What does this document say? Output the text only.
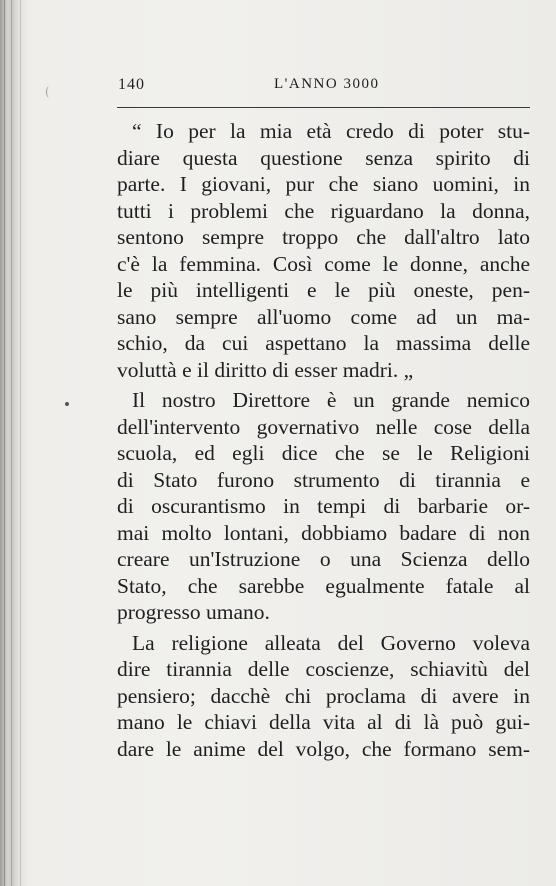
140	L'ANNO 3000
“ Io per la mia età credo di poter stu-
diare questa questione senza spirito di
parte. I giovani, pur che siano uomini, in
tutti i problemi che riguardano la donna,
sentono sempre troppo che dall'altro lato
c'è la femmina. Così come le donne, anche
le più intelligenti e le più oneste, pen-
sano sempre all'uomo come ad un ma-
schio, da cui aspettano la massima delle
voluttà e il diritto di esser madri. „
Il nostro Direttore è un grande nemico
dell'intervento governativo nelle cose della
scuola, ed egli dice che se le Religioni
di Stato furono strumento di tirannia e
di oscurantismo in tempi di barbarie or-
mai molto lontani, dobbiamo badare di non
creare un'Istruzione o una Scienza dello
Stato, che sarebbe egualmente fatale al
progresso umano.
La religione alleata del Governo voleva
dire tirannia delle coscienze, schiavitù del
pensiero; dacchè chi proclama di avere in
mano le chiavi della vita al di là può gui-
dare le anime del volgo, che formano sem-
